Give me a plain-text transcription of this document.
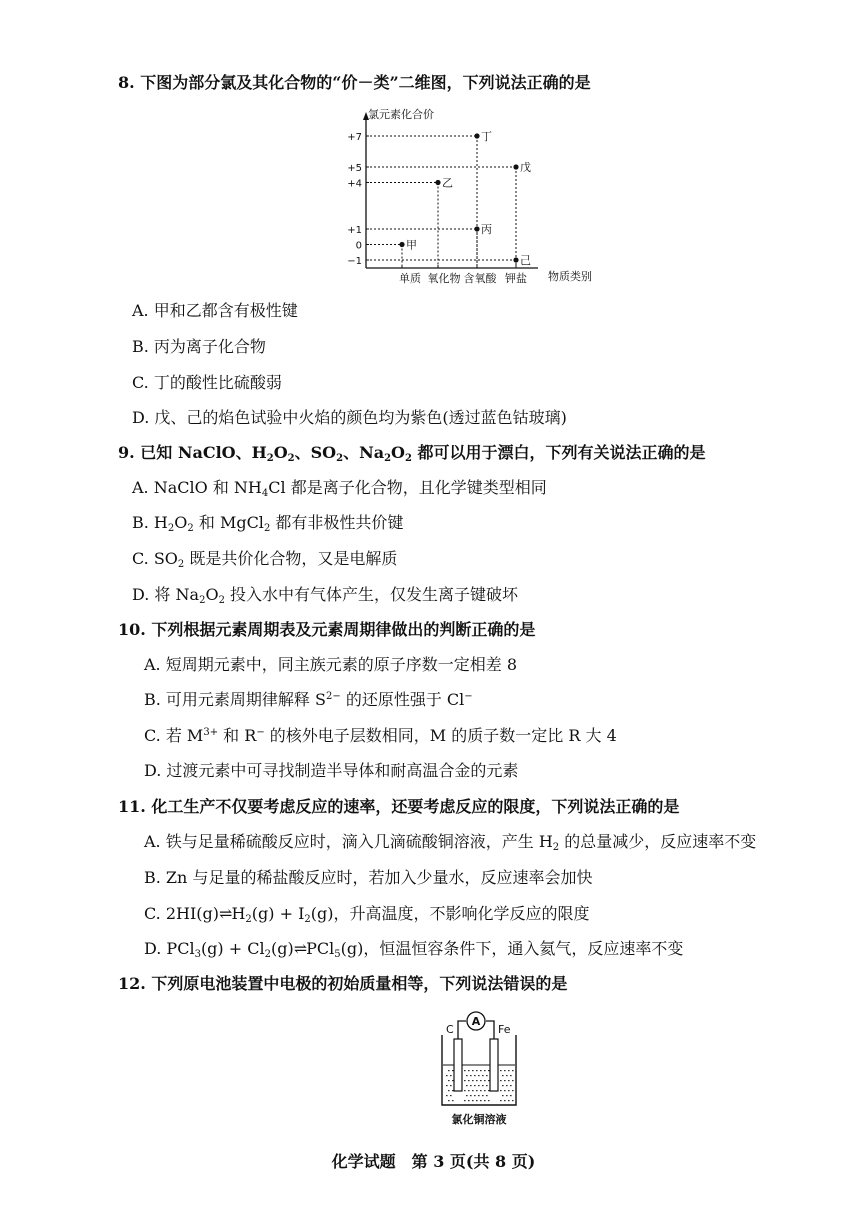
8. 下图为部分氯及其化合物的“价－类”二维图，下列说法正确的是
氯元素化合价
物质类别
+7
+5
+4
+1
0
−1
单质 氧化物 含氧酸 钾盐
甲
乙
丙
丁
戊
己
A. 甲和乙都含有极性键
B. 丙为离子化合物
C. 丁的酸性比硫酸弱
D. 戊、己的焰色试验中火焰的颜色均为紫色(透过蓝色钴玻璃)
9. 已知 NaClO、$H_2O_2$、$SO_2$、$Na_2O_2$ 都可以用于漂白，下列有关说法正确的是
A. NaClO 和 $NH_4Cl$ 都是离子化合物，且化学键类型相同
B. $H_2O_2$ 和 MgCl$_2$ 都有非极性共价键
C. $SO_2$ 既是共价化合物，又是电解质
D. 将 $Na_2O_2$ 投入水中有气体产生，仅发生离子键破坏
10. 下列根据元素周期表及元素周期律做出的判断正确的是
A. 短周期元素中，同主族元素的原子序数一定相差 8
B. 可用元素周期律解释 $S^{2-}$ 的还原性强于 Cl−
C. 若 $M^{3+}$ 和 R− 的核外电子层数相同，M 的质子数一定比 R 大 4
D. 过渡元素中可寻找制造半导体和耐高温合金的元素
11. 化工生产不仅要考虑反应的速率，还要考虑反应的限度，下列说法正确的是
A. 铁与足量稀硫酸反应时，滴入几滴硫酸铜溶液，产生 $H_2$ 的总量减少，反应速率不变
B. Zn 与足量的稀盐酸反应时，若加入少量水，反应速率会加快
C. $2HI(g)\rightleftharpoons H_2(g) + I_2(g)$，升高温度，不影响化学反应的限度
D. $PCl_3(g) + Cl_2(g)\rightleftharpoons PCl_5(g)$，恒温恒容条件下，通入氦气，反应速率不变
12. 下列原电池装置中电极的初始质量相等，下列说法错误的是
A
C	Fe
氯化铜溶液
化学试题　第 3 页(共 8 页)
